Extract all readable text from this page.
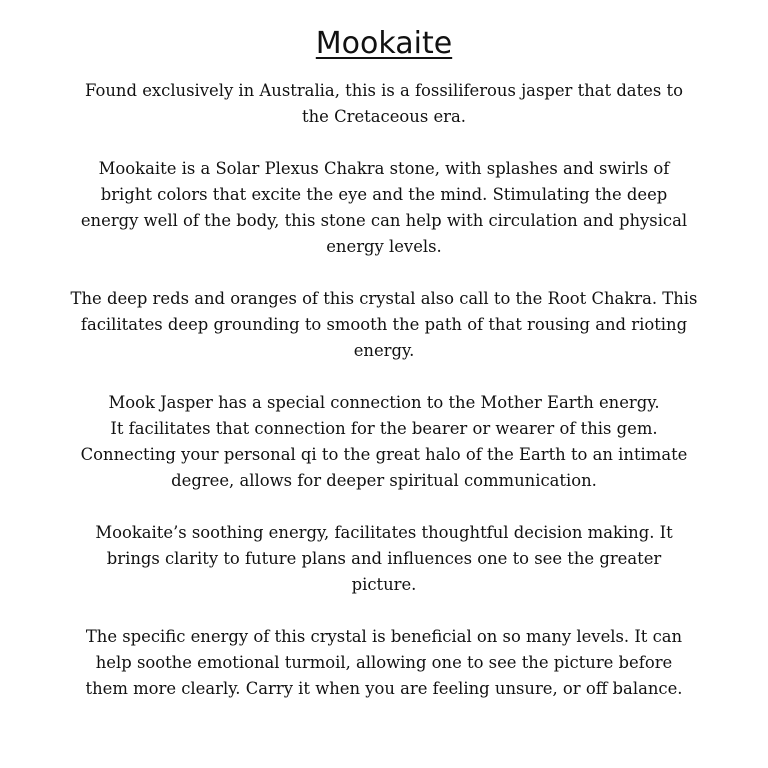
Mookaite

Found exclusively in Australia, this is a fossiliferous jasper that dates to
the Cretaceous era.

Mookaite is a Solar Plexus Chakra stone, with splashes and swirls of
bright colors that excite the eye and the mind. Stimulating the deep
energy well of the body, this stone can help with circulation and physical
energy levels.

The deep reds and oranges of this crystal also call to the Root Chakra. This
facilitates deep grounding to smooth the path of that rousing and rioting
energy.

Mook Jasper has a special connection to the Mother Earth energy.
It facilitates that connection for the bearer or wearer of this gem.
Connecting your personal qi to the great halo of the Earth to an intimate
degree, allows for deeper spiritual communication.

Mookaite’s soothing energy, facilitates thoughtful decision making. It
brings clarity to future plans and influences one to see the greater
picture.

The specific energy of this crystal is beneficial on so many levels. It can
help soothe emotional turmoil, allowing one to see the picture before
them more clearly. Carry it when you are feeling unsure, or off balance.
